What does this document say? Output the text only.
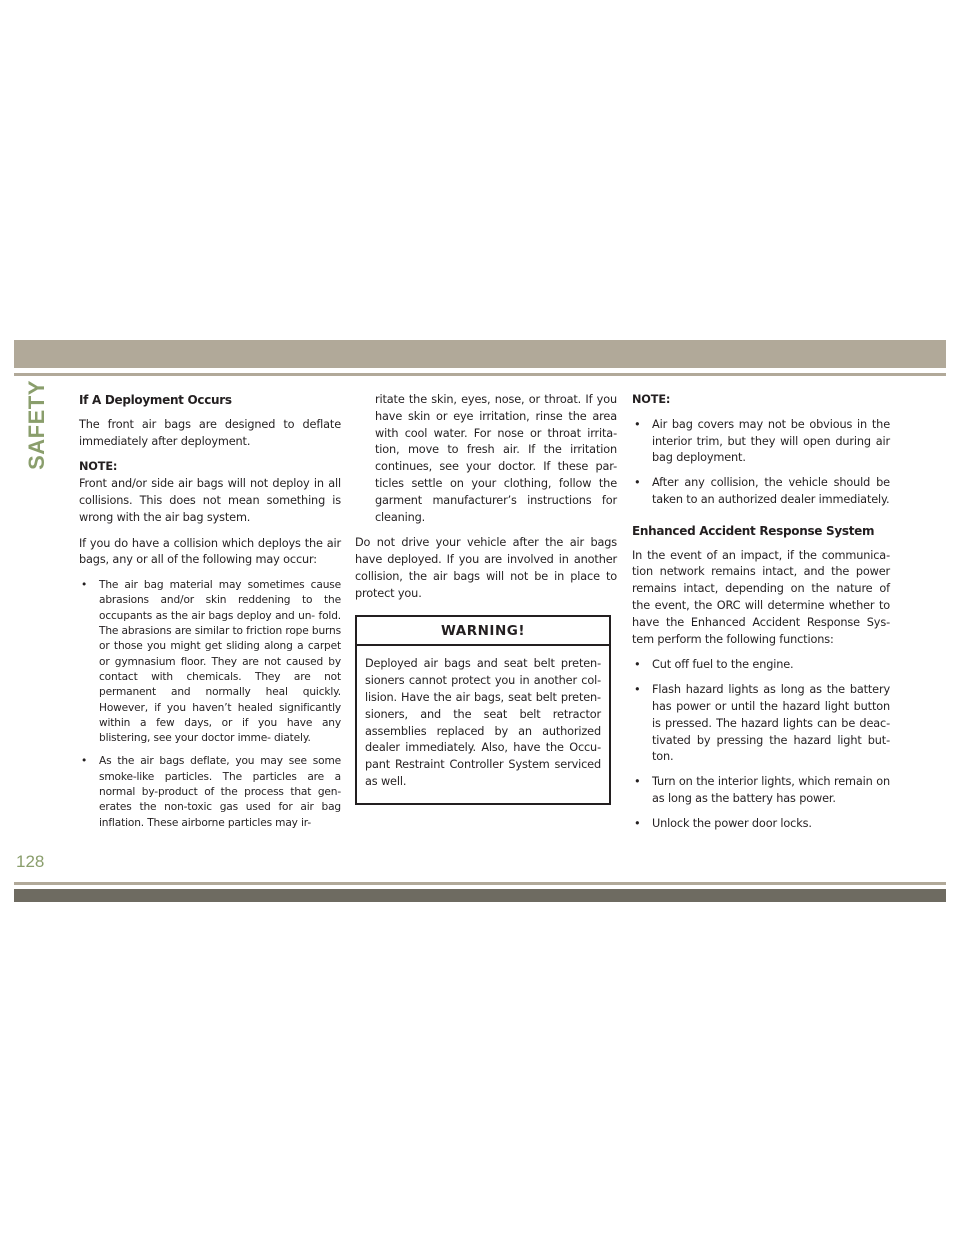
SAFETY If A Deployment Occurs

The front air bags are designed to deflate immediately after deployment.

NOTE:

Front and/or side air bags will not deploy in all collisions. This does not mean something is wrong with the air bag system.

If you do have a collision which deploys the air bags, any or all of the following may occur:

• The air bag material may sometimes cause abrasions and/or skin reddening to the occupants as the air bags deploy and un- fold. The abrasions are similar to friction rope burns or those you might get sliding along a carpet or gymnasium floor. They are not caused by contact with chemicals. They are not permanent and normally heal quickly. However, if you haven’t healed significantly within a few days, or if you have any blistering, see your doctor imme- diately.
• As the air bags deflate, you may see some smoke-like particles. The particles are a normal by-product of the process that gen- erates the non-toxic gas used for air bag inflation. These airborne particles may ir-
ritate the skin, eyes, nose, or throat. If you have skin or eye irritation, rinse the area with cool water. For nose or throat irrita- tion, move to fresh air. If the irritation continues, see your doctor. If these par- ticles settle on your clothing, follow the garment manufacturer’s instructions for cleaning.

Do not drive your vehicle after the air bags have deployed. If you are involved in another collision, the air bags will not be in place to protect you.

WARNING!
Deployed air bags and seat belt preten- sioners cannot protect you in another col- lision. Have the air bags, seat belt preten- sioners, and the seat belt retractor assemblies replaced by an authorized dealer immediately. Also, have the Occu- pant Restraint Controller System serviced as well.

NOTE:

• Air bag covers may not be obvious in the interior trim, but they will open during air bag deployment.
• After any collision, the vehicle should be taken to an authorized dealer immediately.
Enhanced Accident Response System

In the event of an impact, if the communica- tion network remains intact, and the power remains intact, depending on the nature of the event, the ORC will determine whether to have the Enhanced Accident Response Sys- tem perform the following functions:

• Cut off fuel to the engine.
• Flash hazard lights as long as the battery has power or until the hazard light button is pressed. The hazard lights can be deac- tivated by pressing the hazard light but- ton.
• Turn on the interior lights, which remain on as long as the battery has power.
• Unlock the power door locks.
128
